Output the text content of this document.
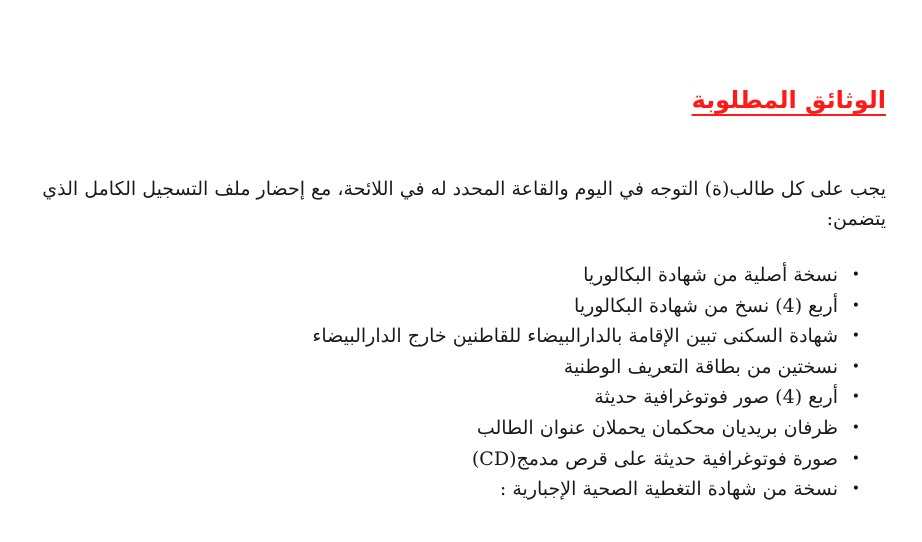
الوثائق المطلوبة

يجب على كل طالب(ة) التوجه في اليوم والقاعة المحدد له في اللائحة، مع إحضار ملف التسجيل الكامل الذي يتضمن:

•
نسخة أصلية من شهادة البكالوريا
•
أربع (4) نسخ من شهادة البكالوريا
•
شهادة السكنى تبين الإقامة بالدارالبيضاء للقاطنين خارج الدارالبيضاء
•
نسختين من بطاقة التعريف الوطنية
•
أربع (4) صور فوتوغرافية حديثة
•
ظرفان بريديان محكمان يحملان عنوان الطالب
•
صورة فوتوغرافية حديثة على قرص مدمج(CD)
•
نسخة من شهادة التغطية الصحية الإجبارية :
